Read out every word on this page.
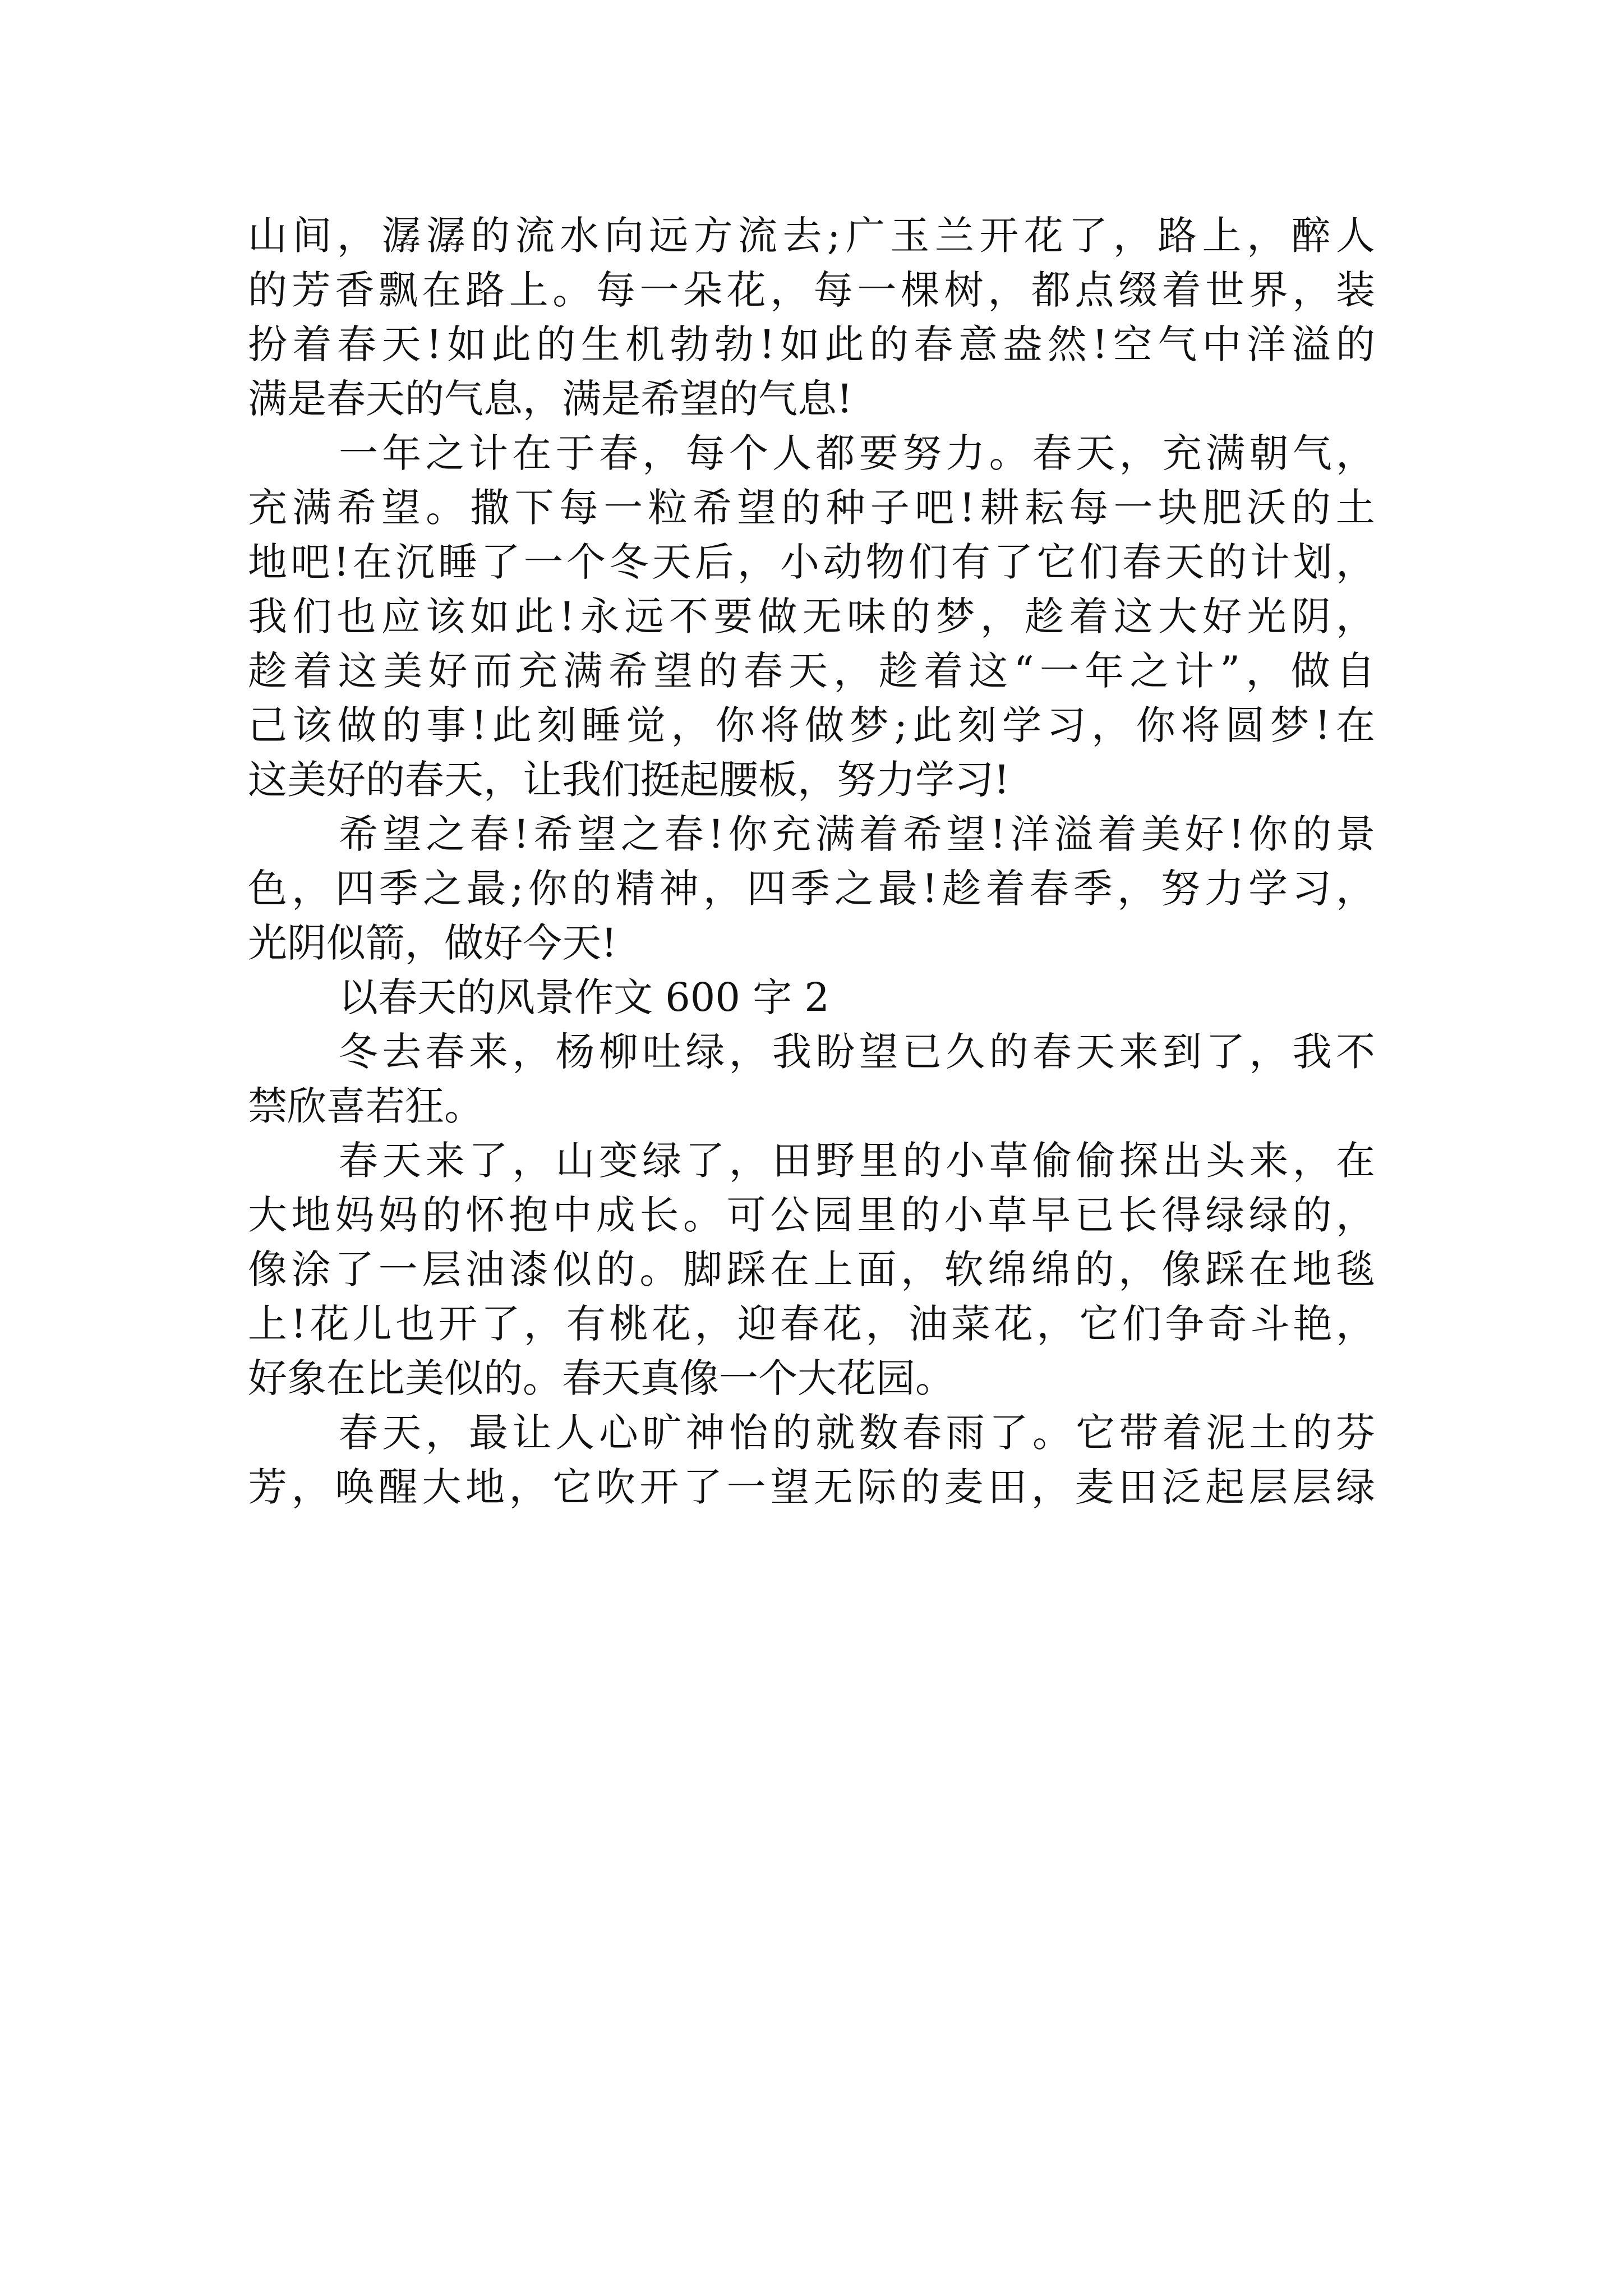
山间，潺潺的流水向远方流去;广玉兰开花了，路上，醉人
的芳香飘在路上。每一朵花，每一棵树，都点缀着世界，装
扮着春天!如此的生机勃勃!如此的春意盎然!空气中洋溢的
满是春天的气息，满是希望的气息!
一年之计在于春，每个人都要努力。春天，充满朝气，
充满希望。撒下每一粒希望的种子吧!耕耘每一块肥沃的土
地吧!在沉睡了一个冬天后，小动物们有了它们春天的计划，
我们也应该如此!永远不要做无味的梦，趁着这大好光阴，
趁着这美好而充满希望的春天，趁着这“一年之计”，做自
己该做的事!此刻睡觉，你将做梦;此刻学习，你将圆梦!在
这美好的春天，让我们挺起腰板，努力学习!
希望之春!希望之春!你充满着希望!洋溢着美好!你的景
色，四季之最;你的精神，四季之最!趁着春季，努力学习，
光阴似箭，做好今天!
以春天的风景作文 600 字 2
冬去春来，杨柳吐绿，我盼望已久的春天来到了，我不
禁欣喜若狂。
春天来了，山变绿了，田野里的小草偷偷探出头来，在
大地妈妈的怀抱中成长。可公园里的小草早已长得绿绿的，
像涂了一层油漆似的。脚踩在上面，软绵绵的，像踩在地毯
上!花儿也开了，有桃花，迎春花，油菜花，它们争奇斗艳，
好象在比美似的。春天真像一个大花园。
春天，最让人心旷神怡的就数春雨了。它带着泥土的芬
芳，唤醒大地，它吹开了一望无际的麦田，麦田泛起层层绿
